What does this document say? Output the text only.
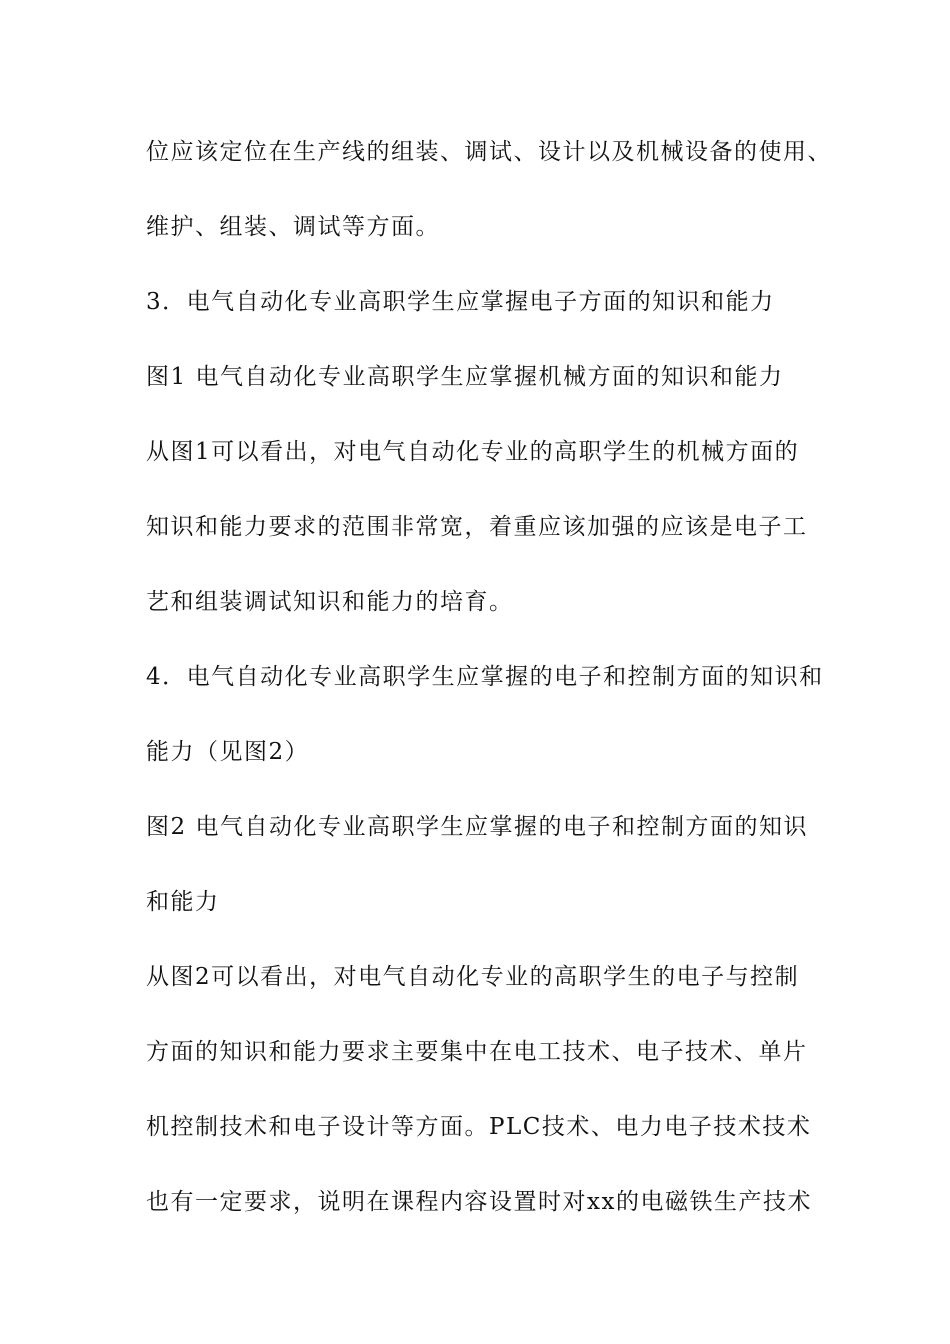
位应该定位在生产线的组装、调试、设计以及机械设备的使用、
维护、组装、调试等方面。
3．电气自动化专业高职学生应掌握电子方面的知识和能力
图1 电气自动化专业高职学生应掌握机械方面的知识和能力
从图1可以看出，对电气自动化专业的高职学生的机械方面的
知识和能力要求的范围非常宽，着重应该加强的应该是电子工
艺和组装调试知识和能力的培育。
4．电气自动化专业高职学生应掌握的电子和控制方面的知识和
能力（见图2）
图2 电气自动化专业高职学生应掌握的电子和控制方面的知识
和能力
从图2可以看出，对电气自动化专业的高职学生的电子与控制
方面的知识和能力要求主要集中在电工技术、电子技术、单片
机控制技术和电子设计等方面。PLC技术、电力电子技术技术
也有一定要求，说明在课程内容设置时对xx的电磁铁生产技术
